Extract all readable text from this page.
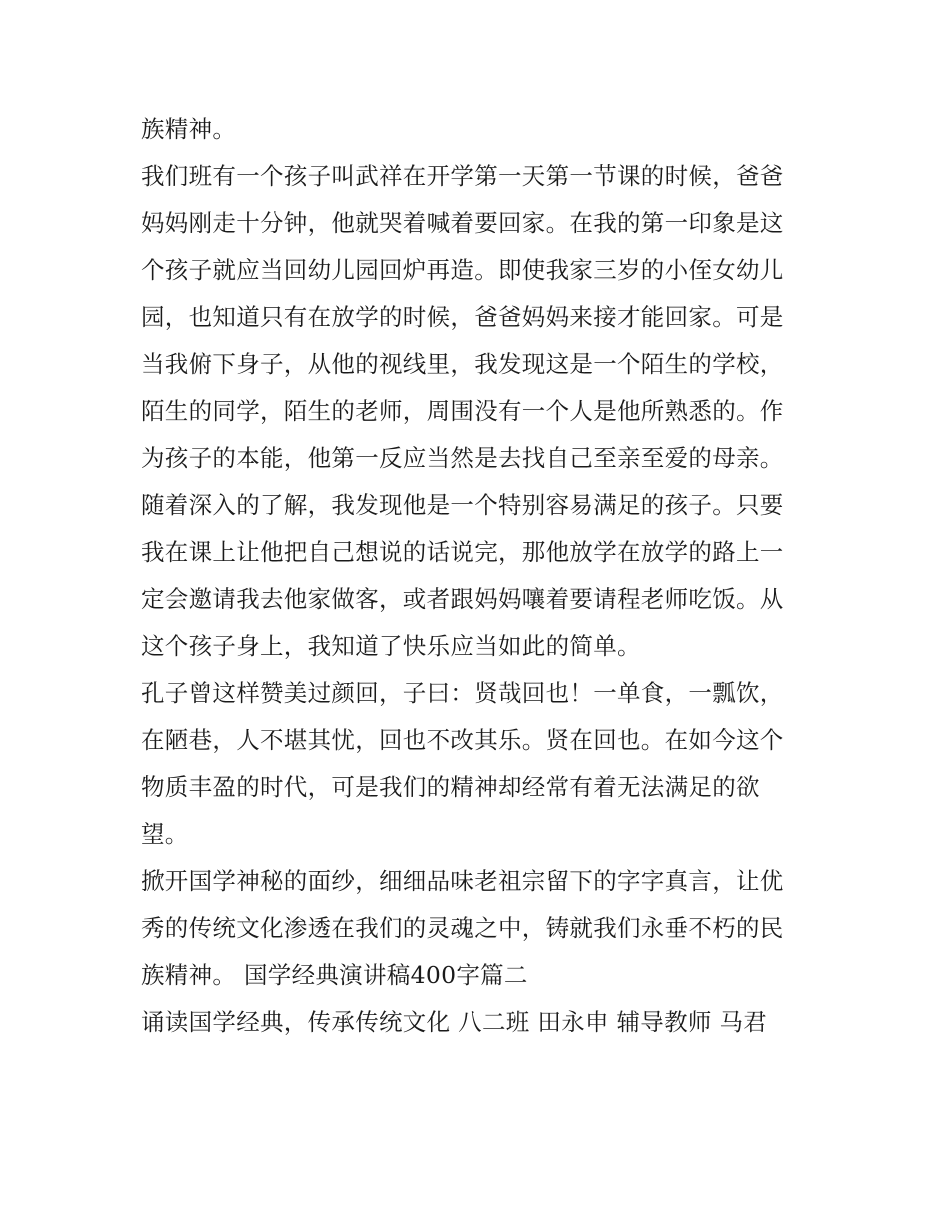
族精神。
我们班有一个孩子叫武祥在开学第一天第一节课的时候，爸爸
妈妈刚走十分钟，他就哭着喊着要回家。在我的第一印象是这
个孩子就应当回幼儿园回炉再造。即使我家三岁的小侄女幼儿
园，也知道只有在放学的时候，爸爸妈妈来接才能回家。可是
当我俯下身子，从他的视线里，我发现这是一个陌生的学校，
陌生的同学，陌生的老师，周围没有一个人是他所熟悉的。作
为孩子的本能，他第一反应当然是去找自己至亲至爱的母亲。
随着深入的了解，我发现他是一个特别容易满足的孩子。只要
我在课上让他把自己想说的话说完，那他放学在放学的路上一
定会邀请我去他家做客，或者跟妈妈嚷着要请程老师吃饭。从
这个孩子身上，我知道了快乐应当如此的简单。
孔子曾这样赞美过颜回，子曰：贤哉回也！一单食，一瓢饮，
在陋巷，人不堪其忧，回也不改其乐。贤在回也。在如今这个
物质丰盈的时代，可是我们的精神却经常有着无法满足的欲
望。
掀开国学神秘的面纱，细细品味老祖宗留下的字字真言，让优
秀的传统文化渗透在我们的灵魂之中，铸就我们永垂不朽的民
族精神。 国学经典演讲稿400字篇二
诵读国学经典，传承传统文化 八二班 田永申 辅导教师 马君
